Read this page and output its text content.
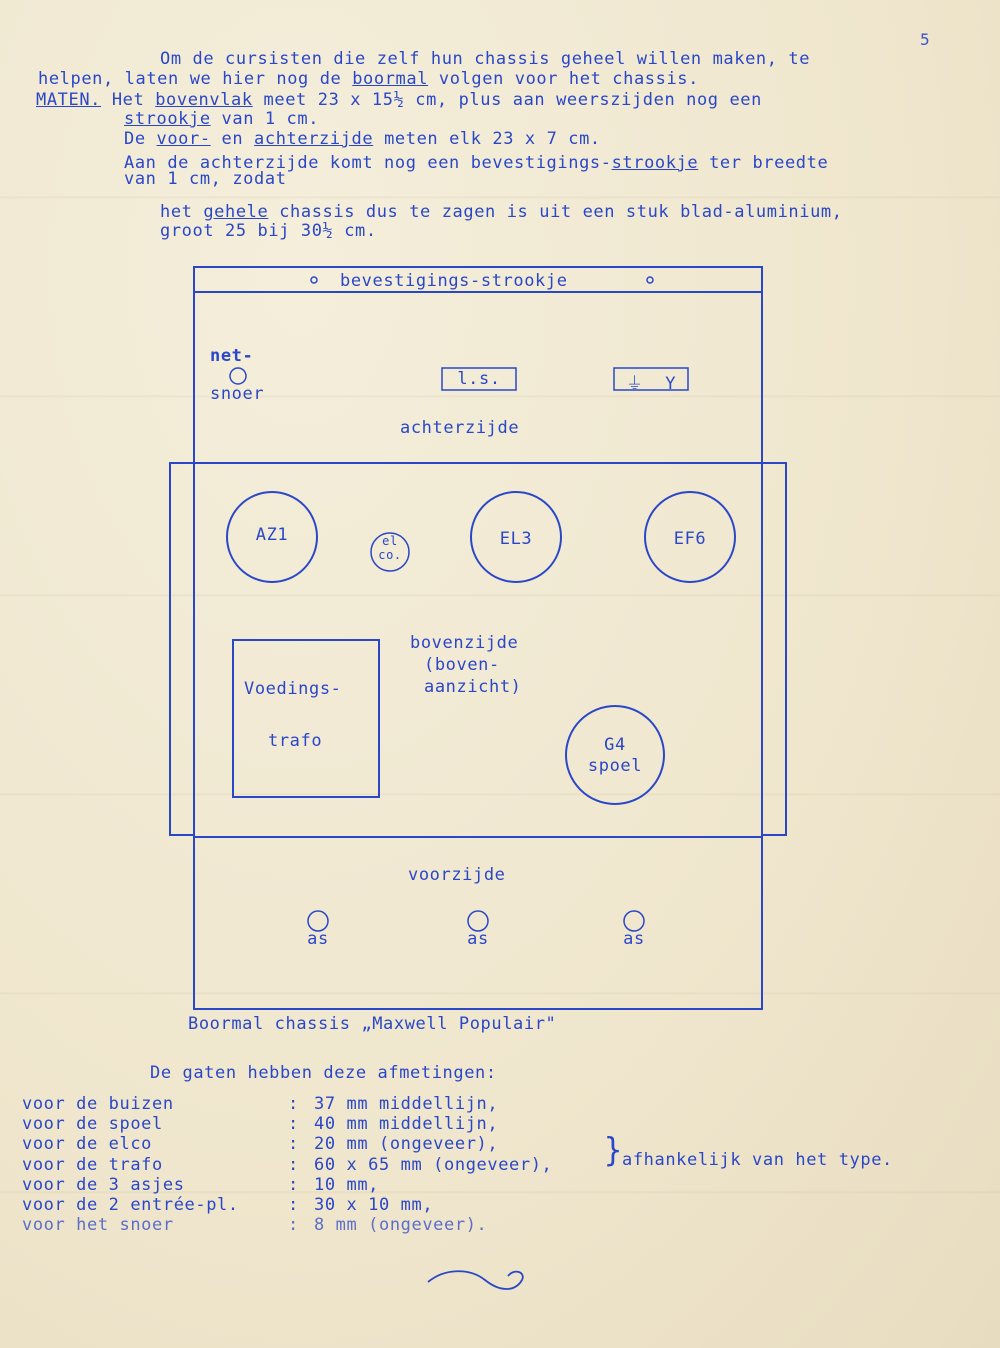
5
Om de cursisten die zelf hun chassis geheel willen maken, te
helpen, laten we hier nog de boormal volgen voor het chassis.
MATEN. Het bovenvlak meet 23 x 15½ cm, plus aan weerszijden nog een
strookje van 1 cm.
De voor- en achterzijde meten elk 23 x 7 cm.
Aan de achterzijde komt nog een bevestigings-strookje ter breedte
van 1 cm, zodat
het gehele chassis dus te zagen is uit een stuk blad-aluminium,
groot 25 bij 30½ cm.
bevestigings-strookje
net-
snoer
l.s.	⏚  Y
achterzijde
AZ1	EL3	EF6
el
co.
bovenzijde
(boven-
aanzicht)
Voedings-
trafo	G4
spoel
voorzijde
as	as	as
Boormal chassis „Maxwell Populair"
De gaten hebben deze afmetingen:
voor de buizen	: 37 mm middellijn,
voor de spoel	: 40 mm middellijn,
voor de elco	: 20 mm (ongeveer),
voor de trafo	: 60 x 65 mm (ongeveer),
voor de 3 asjes	: 10 mm,
voor de 2 entrée-pl.	: 30 x 10 mm,
voor het snoer	: 8 mm (ongeveer).
} afhankelijk van het type.
